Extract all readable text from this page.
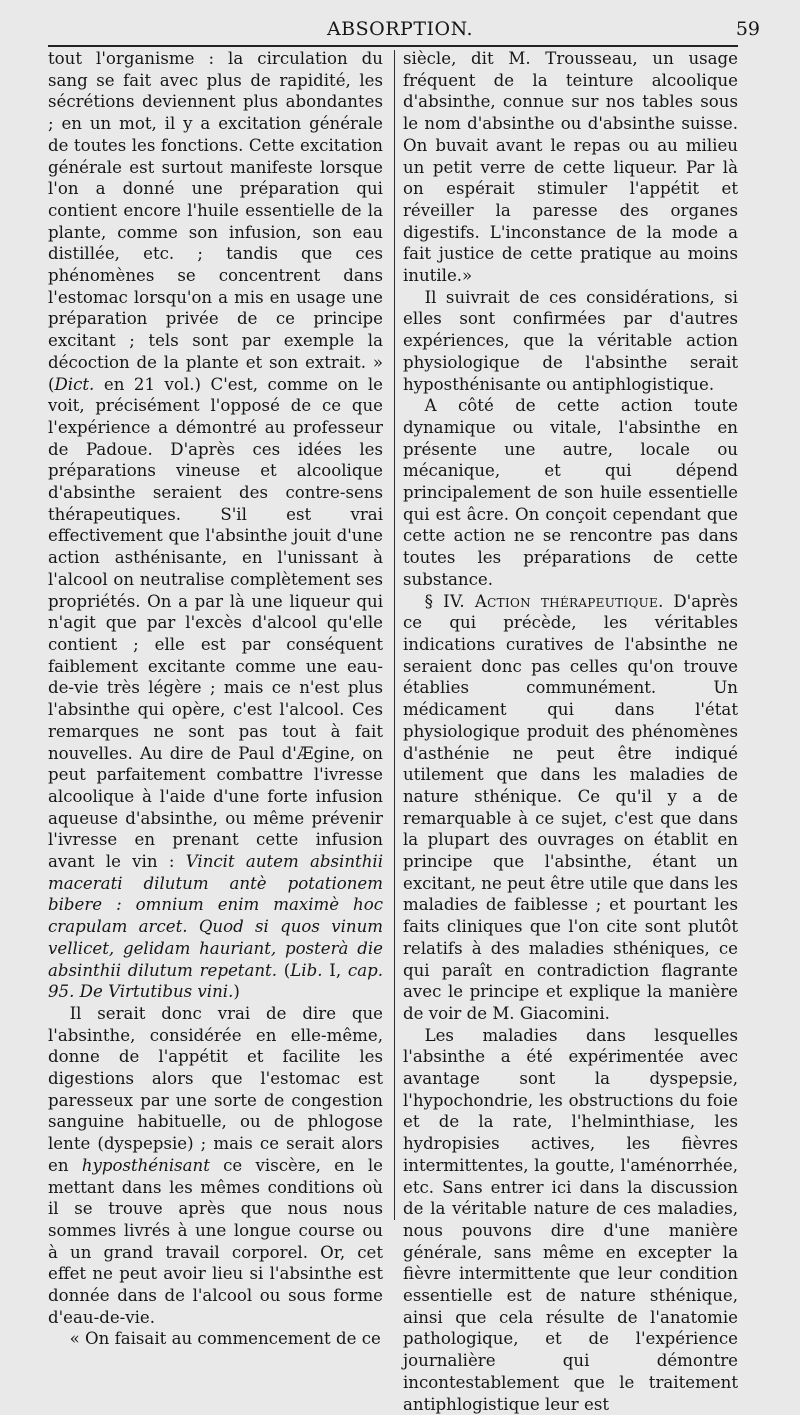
ABSORPTION.	59

tout l'organisme : la circulation du sang se fait avec plus de rapidité, les sécrétions deviennent plus abondantes ; en un mot, il y a excitation générale de toutes les fonctions. Cette excitation générale est surtout manifeste lorsque l'on a donné une préparation qui contient encore l'huile essentielle de la plante, comme son infusion, son eau distillée, etc. ; tandis que ces phénomènes se concentrent dans l'estomac lorsqu'on a mis en usage une préparation privée de ce principe excitant ; tels sont par exemple la décoction de la plante et son extrait. » (Dict. en 21 vol.) C'est, comme on le voit, précisément l'opposé de ce que l'expérience a démontré au professeur de Padoue. D'après ces idées les préparations vineuse et alcoolique d'absinthe seraient des contre-sens thérapeutiques. S'il est vrai effectivement que l'absinthe jouit d'une action asthénisante, en l'unissant à l'alcool on neutralise complètement ses propriétés. On a par là une liqueur qui n'agit que par l'excès d'alcool qu'elle contient ; elle est par conséquent faiblement excitante comme une eau-de-vie très légère ; mais ce n'est plus l'absinthe qui opère, c'est l'alcool. Ces remarques ne sont pas tout à fait nouvelles. Au dire de Paul d'Ægine, on peut parfaitement combattre l'ivresse alcoolique à l'aide d'une forte infusion aqueuse d'absinthe, ou même prévenir l'ivresse en prenant cette infusion avant le vin : Vincit autem absinthii macerati dilutum antè potationem bibere : omnium enim maximè hoc crapulam arcet. Quod si quos vinum vellicet, gelidam hauriant, posterà die absinthii dilutum repetant. (Lib. I, cap. 95. De Virtutibus vini.)

Il serait donc vrai de dire que l'absinthe, considérée en elle-même, donne de l'appétit et facilite les digestions alors que l'estomac est paresseux par une sorte de congestion sanguine habituelle, ou de phlogose lente (dyspepsie) ; mais ce serait alors en hyposthénisant ce viscère, en le mettant dans les mêmes conditions où il se trouve après que nous nous sommes livrés à une longue course ou à un grand travail corporel. Or, cet effet ne peut avoir lieu si l'absinthe est donnée dans de l'alcool ou sous forme d'eau-de-vie.

« On faisait au commencement de ce

siècle, dit M. Trousseau, un usage fréquent de la teinture alcoolique d'absinthe, connue sur nos tables sous le nom d'absinthe ou d'absinthe suisse. On buvait avant le repas ou au milieu un petit verre de cette liqueur. Par là on espérait stimuler l'appétit et réveiller la paresse des organes digestifs. L'inconstance de la mode a fait justice de cette pratique au moins inutile.»

Il suivrait de ces considérations, si elles sont confirmées par d'autres expériences, que la véritable action physiologique de l'absinthe serait hyposthénisante ou antiphlogistique.

A côté de cette action toute dynamique ou vitale, l'absinthe en présente une autre, locale ou mécanique, et qui dépend principalement de son huile essentielle qui est âcre. On conçoit cependant que cette action ne se rencontre pas dans toutes les préparations de cette substance.

§ IV. Action thérapeutique. D'après ce qui précède, les véritables indications curatives de l'absinthe ne seraient donc pas celles qu'on trouve établies communément. Un médicament qui dans l'état physiologique produit des phénomènes d'asthénie ne peut être indiqué utilement que dans les maladies de nature sthénique. Ce qu'il y a de remarquable à ce sujet, c'est que dans la plupart des ouvrages on établit en principe que l'absinthe, étant un excitant, ne peut être utile que dans les maladies de faiblesse ; et pourtant les faits cliniques que l'on cite sont plutôt relatifs à des maladies sthéniques, ce qui paraît en contradiction flagrante avec le principe et explique la manière de voir de M. Giacomini.

Les maladies dans lesquelles l'absinthe a été expérimentée avec avantage sont la dyspepsie, l'hypochondrie, les obstructions du foie et de la rate, l'helminthiase, les hydropisies actives, les fièvres intermittentes, la goutte, l'aménorrhée, etc. Sans entrer ici dans la discussion de la véritable nature de ces maladies, nous pouvons dire d'une manière générale, sans même en excepter la fièvre intermittente que leur condition essentielle est de nature sthénique, ainsi que cela résulte de l'anatomie pathologique, et de l'expérience journalière qui démontre incontestablement que le traitement antiphlogistique leur est
